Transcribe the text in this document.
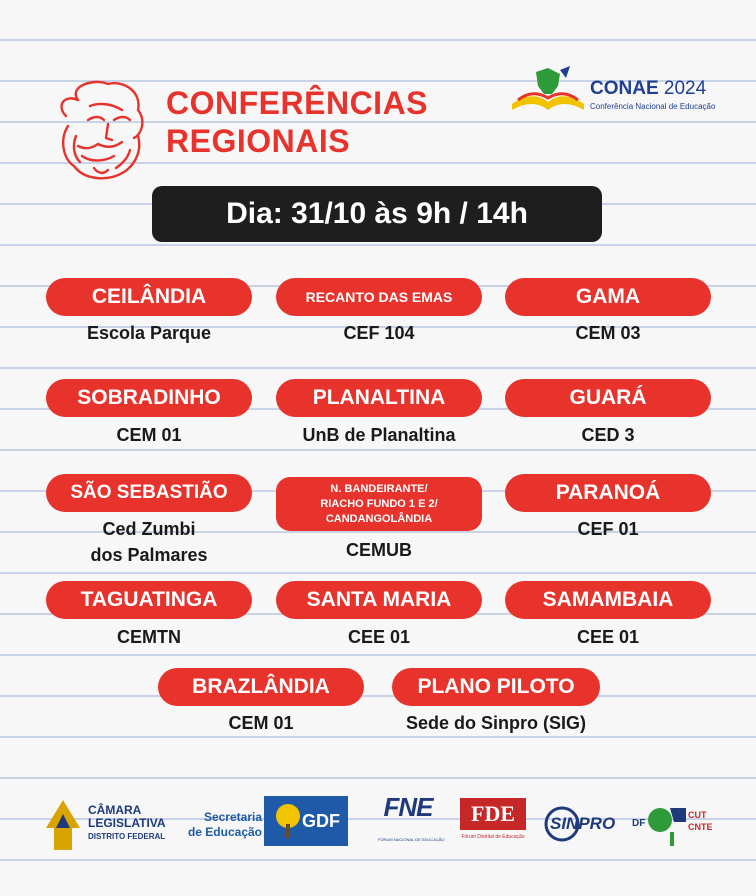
CONFERÊNCIAS
REGIONAIS
CONAE 2024
Conferência Nacional de Educação
Dia: 31/10 às 9h / 14h
CEILÂNDIA
Escola Parque
RECANTO DAS EMAS
CEF 104
GAMA
CEM 03
SOBRADINHO
CEM 01
PLANALTINA
UnB de Planaltina
GUARÁ
CED 3
SÃO SEBASTIÃO
Ced Zumbi
dos Palmares
N. BANDEIRANTE/
RIACHO FUNDO 1 E 2/
CANDANGOLÂNDIA
CEMUB
PARANOÁ
CEF 01
TAGUATINGA
CEMTN
SANTA MARIA
CEE 01
SAMAMBAIA
CEE 01
BRAZLÂNDIA
CEM 01
PLANO PILOTO
Sede do Sinpro (SIG)
CÂMARA
LEGISLATIVA
DISTRITO FEDERAL
Secretaria
de Educação
GDF FNE
FÓRUM NACIONAL DE EDUCAÇÃO
FDE
Fórum Distrital de Educação
SINPRO DF
CUT
CNTE
